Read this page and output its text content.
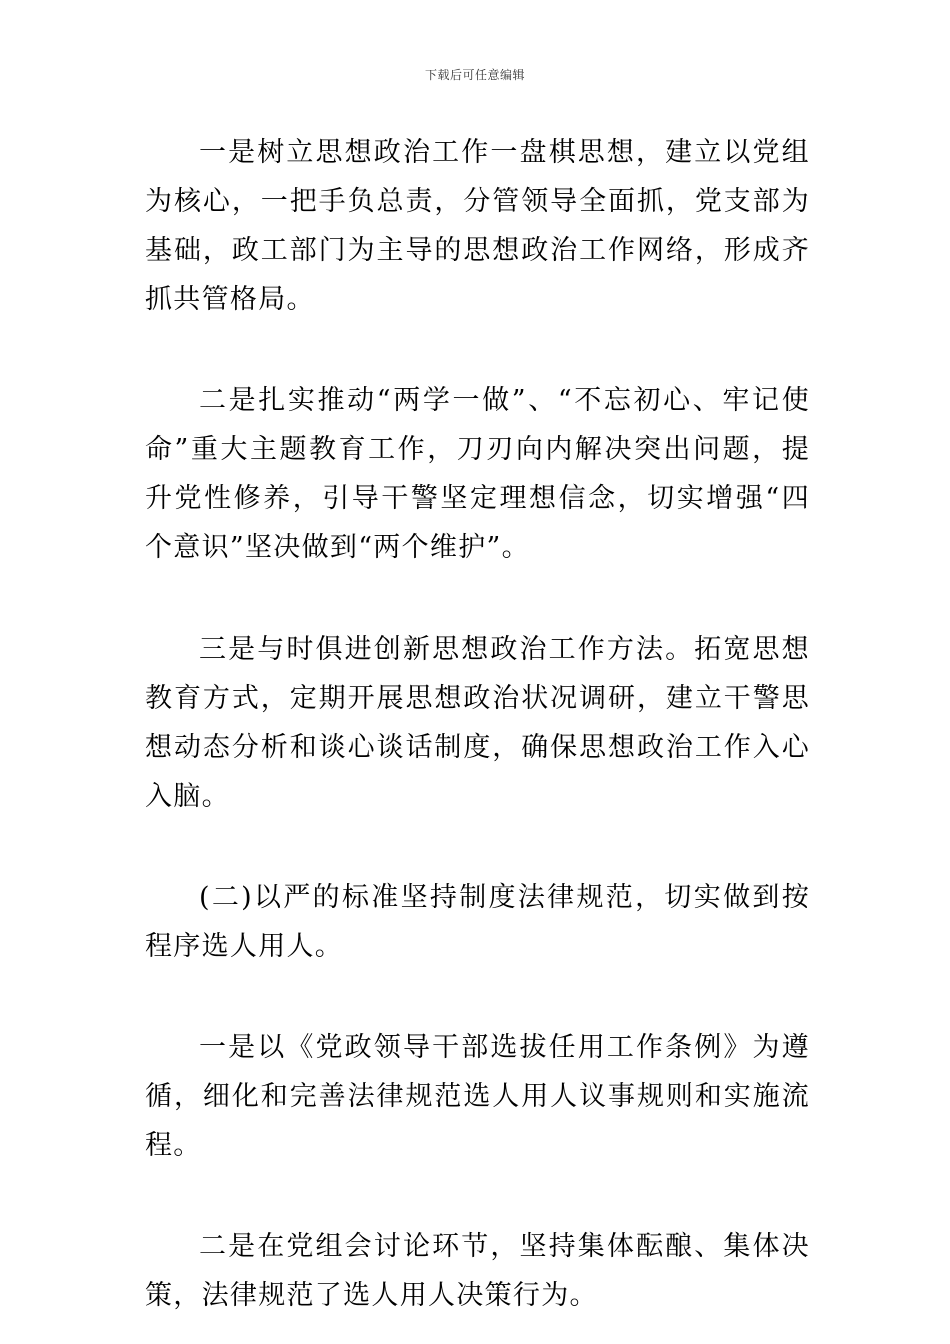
下载后可任意编辑

一是树立思想政治工作一盘棋思想，建立以党组为核心，一把手负总责，分管领导全面抓，党支部为基础，政工部门为主导的思想政治工作网络，形成齐抓共管格局。

二是扎实推动“两学一做”、“不忘初心、牢记使命”重大主题教育工作，刀刃向内解决突出问题，提升党性修养，引导干警坚定理想信念，切实增强“四个意识”坚决做到“两个维护”。

三是与时俱进创新思想政治工作方法。拓宽思想教育方式，定期开展思想政治状况调研，建立干警思想动态分析和谈心谈话制度，确保思想政治工作入心入脑。

(二)以严的标准坚持制度法律规范，切实做到按程序选人用人。

一是以《党政领导干部选拔任用工作条例》为遵循，细化和完善法律规范选人用人议事规则和实施流程。

二是在党组会讨论环节，坚持集体酝酿、集体决策，法律规范了选人用人决策行为。
